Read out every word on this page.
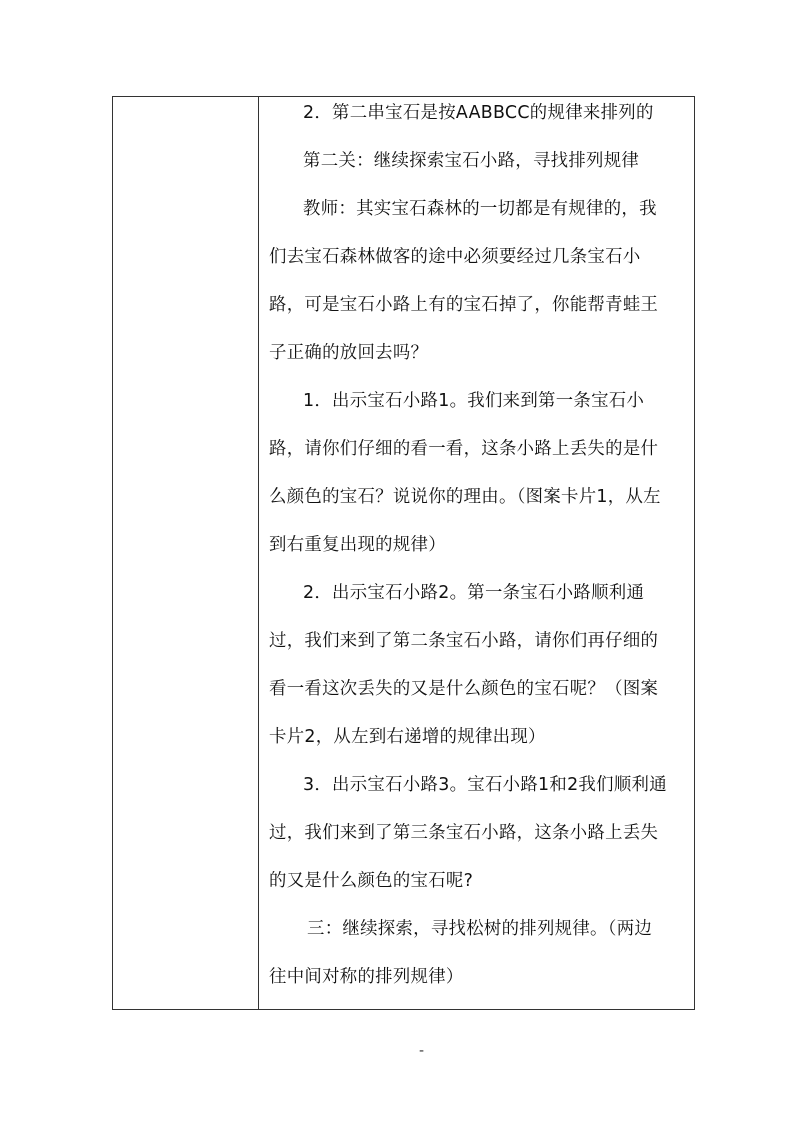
2．第二串宝石是按AABBCC的规律来排列的
第二关：继续探索宝石小路，寻找排列规律
教师：其实宝石森林的一切都是有规律的，我
们去宝石森林做客的途中必须要经过几条宝石小
路，可是宝石小路上有的宝石掉了，你能帮青蛙王
子正确的放回去吗？
1．出示宝石小路1。我们来到第一条宝石小
路，请你们仔细的看一看，这条小路上丢失的是什
么颜色的宝石？说说你的理由。（图案卡片1，从左
到右重复出现的规律）
2．出示宝石小路2。第一条宝石小路顺利通
过，我们来到了第二条宝石小路，请你们再仔细的
看一看这次丢失的又是什么颜色的宝石呢？（图案
卡片2，从左到右递增的规律出现）
3．出示宝石小路3。宝石小路1和2我们顺利通
过，我们来到了第三条宝石小路，这条小路上丢失
的又是什么颜色的宝石呢?
三：继续探索，寻找松树的排列规律。（两边
往中间对称的排列规律）
-
